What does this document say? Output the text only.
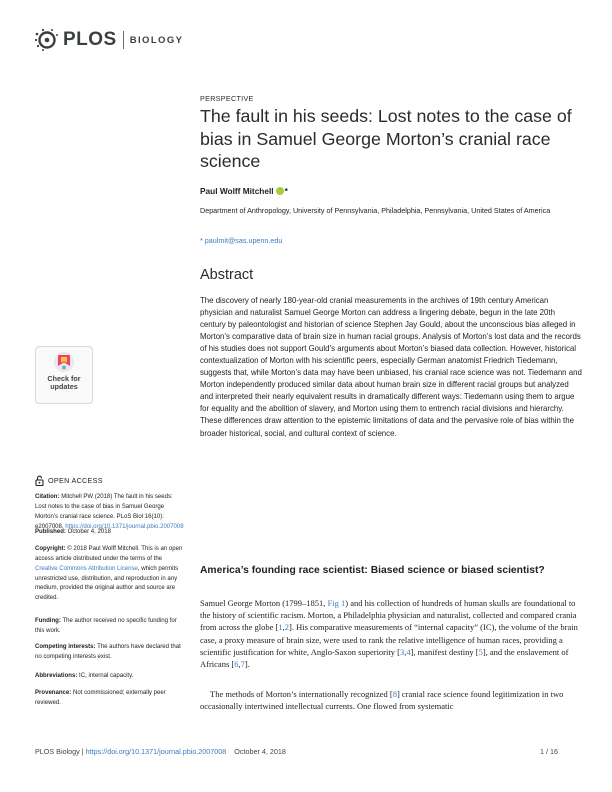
PLOS BIOLOGY
PERSPECTIVE
The fault in his seeds: Lost notes to the case of bias in Samuel George Morton’s cranial race science
Paul Wolff Mitchell *
Department of Anthropology, University of Pennsylvania, Philadelphia, Pennsylvania, United States of America
* paulmit@sas.upenn.edu
Abstract
The discovery of nearly 180-year-old cranial measurements in the archives of 19th century American physician and naturalist Samuel George Morton can address a lingering debate, begun in the late 20th century by paleontologist and historian of science Stephen Jay Gould, about the unconscious bias alleged in Morton’s comparative data of brain size in human racial groups. Analysis of Morton’s lost data and the records of his studies does not support Gould’s arguments about Morton’s biased data collection. However, historical contextualization of Morton with his scientific peers, especially German anatomist Friedrich Tiedemann, suggests that, while Morton’s data may have been unbiased, his cranial race science was not. Tiedemann and Morton independently produced similar data about human brain size in different racial groups but analyzed and interpreted their nearly equivalent results in dramatically different ways: Tiedemann using them to argue for equality and the abolition of slavery, and Morton using them to entrench racial divisions and hierarchy. These differences draw attention to the epistemic limitations of data and the pervasive role of bias within the broader historical, social, and cultural context of science.
America’s founding race scientist: Biased science or biased scientist?
Samuel George Morton (1799–1851, Fig 1) and his collection of hundreds of human skulls are foundational to the history of scientific racism. Morton, a Philadelphia physician and naturalist, collected and compared crania from across the globe [1,2]. His comparative measurements of “internal capacity” (IC), the volume of the brain case, a proxy measure of brain size, were used to rank the relative intelligence of human races, providing a scientific justification for white, Anglo-Saxon superiority [3,4], manifest destiny [5], and the enslavement of Africans [6,7].
The methods of Morton’s internationally recognized [8] cranial race science found legitimization in two occasionally intertwined intellectual currents. One flowed from systematic
Check for updates
OPEN ACCESS
Citation: Mitchell PW (2018) The fault in his seeds: Lost notes to the case of bias in Samuel George Morton’s cranial race science. PLoS Biol 16(10): e2007008. https://doi.org/10.1371/journal.pbio.2007008
Published: October 4, 2018
Copyright: © 2018 Paul Wolff Mitchell. This is an open access article distributed under the terms of the Creative Commons Attribution License, which permits unrestricted use, distribution, and reproduction in any medium, provided the original author and source are credited.
Funding: The author received no specific funding for this work.
Competing interests: The authors have declared that no competing interests exist.
Abbreviations: IC, internal capacity.
Provenance: Not commissioned; externally peer reviewed.
PLOS Biology | https://doi.org/10.1371/journal.pbio.2007008 October 4, 2018	1 / 16
